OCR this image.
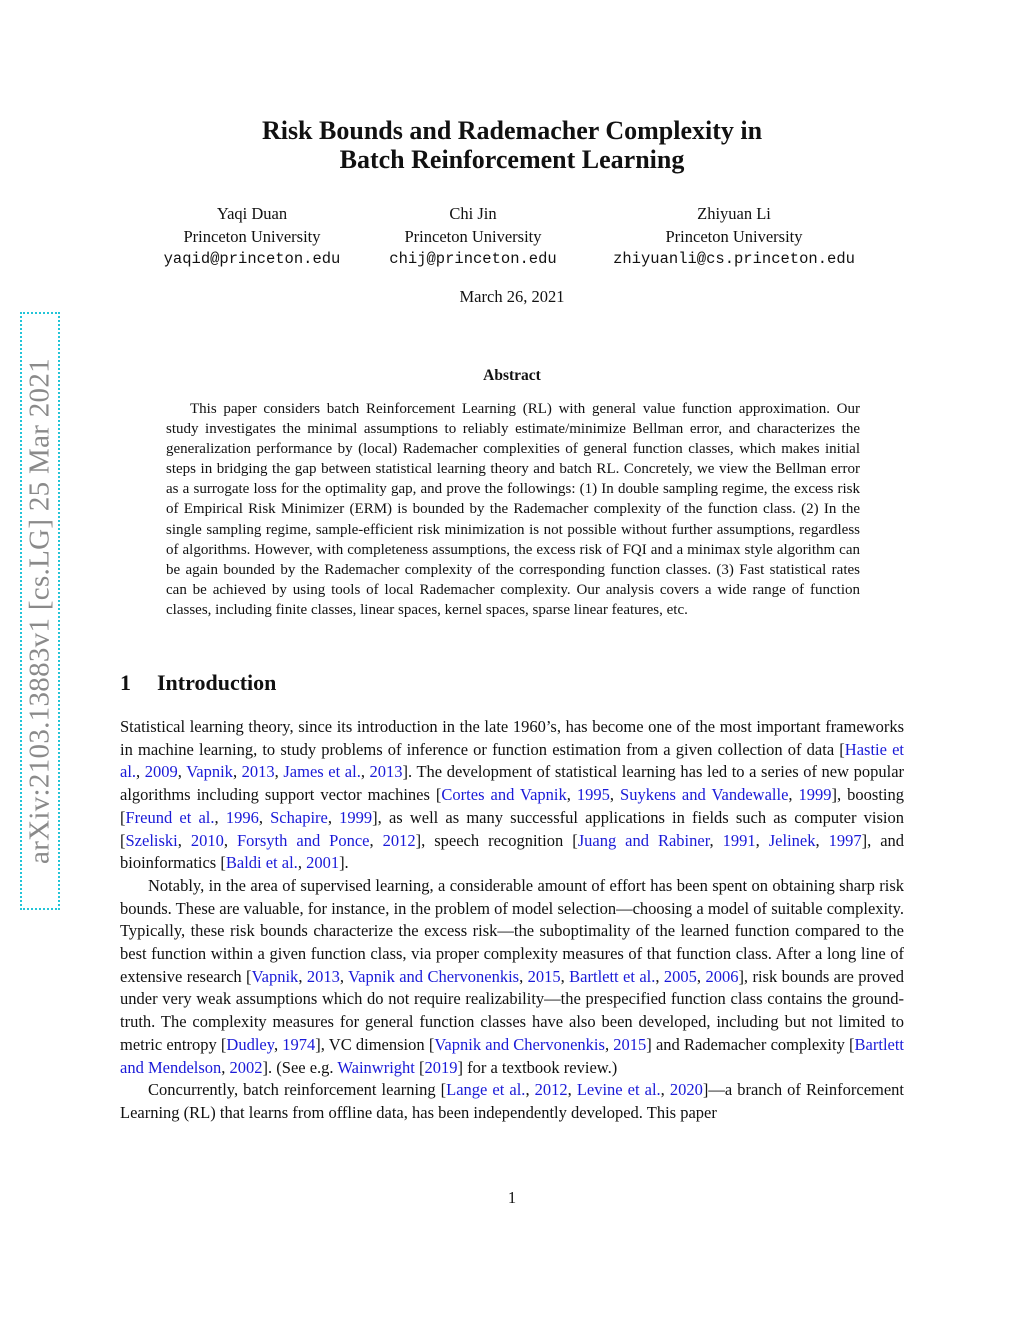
arXiv:2103.13883v1 [cs.LG] 25 Mar 2021
Risk Bounds and Rademacher Complexity in
Batch Reinforcement Learning
Yaqi Duan
Princeton University
yaqid@princeton.edu
Chi Jin
Princeton University
chij@princeton.edu
Zhiyuan Li
Princeton University
zhiyuanli@cs.princeton.edu
March 26, 2021
Abstract

This paper considers batch Reinforcement Learning (RL) with general value function approximation. Our study investigates the minimal assumptions to reliably estimate/minimize Bellman error, and characterizes the generalization performance by (local) Rademacher complexities of general function classes, which makes initial steps in bridging the gap between statistical learning theory and batch RL. Concretely, we view the Bellman error as a surrogate loss for the optimality gap, and prove the followings: (1) In double sampling regime, the excess risk of Empirical Risk Minimizer (ERM) is bounded by the Rademacher complexity of the function class. (2) In the single sampling regime, sample-efficient risk minimization is not possible without further assumptions, regardless of algorithms. However, with completeness assumptions, the excess risk of FQI and a minimax style algorithm can be again bounded by the Rademacher complexity of the corresponding function classes. (3) Fast statistical rates can be achieved by using tools of local Rademacher complexity. Our analysis covers a wide range of function classes, including finite classes, linear spaces, kernel spaces, sparse linear features, etc.

1 Introduction

Statistical learning theory, since its introduction in the late 1960’s, has become one of the most important frameworks in machine learning, to study problems of inference or function estimation from a given collection of data [Hastie et al., 2009, Vapnik, 2013, James et al., 2013]. The development of statistical learning has led to a series of new popular algorithms including support vector machines [Cortes and Vapnik, 1995, Suykens and Vandewalle, 1999], boosting [Freund et al., 1996, Schapire, 1999], as well as many successful applications in fields such as computer vision [Szeliski, 2010, Forsyth and Ponce, 2012], speech recognition [Juang and Rabiner, 1991, Jelinek, 1997], and bioinformatics [Baldi et al., 2001].

Notably, in the area of supervised learning, a considerable amount of effort has been spent on obtaining sharp risk bounds. These are valuable, for instance, in the problem of model selection—choosing a model of suitable complexity. Typically, these risk bounds characterize the excess risk—the suboptimality of the learned function compared to the best function within a given function class, via proper complexity measures of that function class. After a long line of extensive research [Vapnik, 2013, Vapnik and Chervonenkis, 2015, Bartlett et al., 2005, 2006], risk bounds are proved under very weak assumptions which do not require realizability—the prespecified function class contains the ground-truth. The complexity measures for general function classes have also been developed, including but not limited to metric entropy [Dudley, 1974], VC dimension [Vapnik and Chervonenkis, 2015] and Rademacher complexity [Bartlett and Mendelson, 2002]. (See e.g. Wainwright [2019] for a textbook review.)

Concurrently, batch reinforcement learning [Lange et al., 2012, Levine et al., 2020]—a branch of Reinforcement Learning (RL) that learns from offline data, has been independently developed. This paper

1
